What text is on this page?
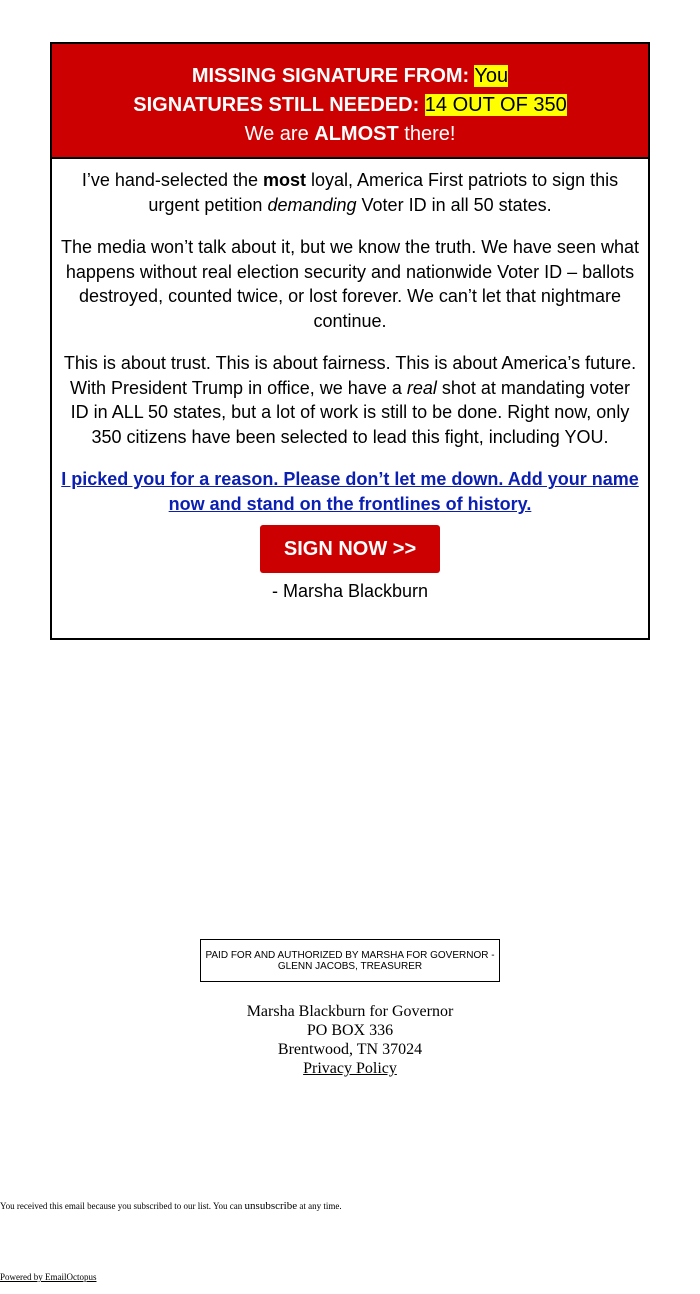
MISSING SIGNATURE FROM: You
SIGNATURES STILL NEEDED: 14 OUT OF 350
We are ALMOST there!

I’ve hand-selected the most loyal, America First patriots to sign this urgent petition demanding Voter ID in all 50 states.

The media won’t talk about it, but we know the truth. We have seen what happens without real election security and nationwide Voter ID – ballots destroyed, counted twice, or lost forever. We can’t let that nightmare continue.

This is about trust. This is about fairness. This is about America’s future. With President Trump in office, we have a real shot at mandating voter ID in ALL 50 states, but a lot of work is still to be done. Right now, only 350 citizens have been selected to lead this fight, including YOU.

I picked you for a reason. Please don’t let me down. Add your name now and stand on the frontlines of history.
SIGN NOW >>
- Marsha Blackburn
PAID FOR AND AUTHORIZED BY MARSHA FOR GOVERNOR - GLENN JACOBS, TREASURER
Marsha Blackburn for Governor
PO BOX 336
Brentwood, TN 37024
Privacy Policy
You received this email because you subscribed to our list. You can unsubscribe at any time.
Powered by EmailOctopus
